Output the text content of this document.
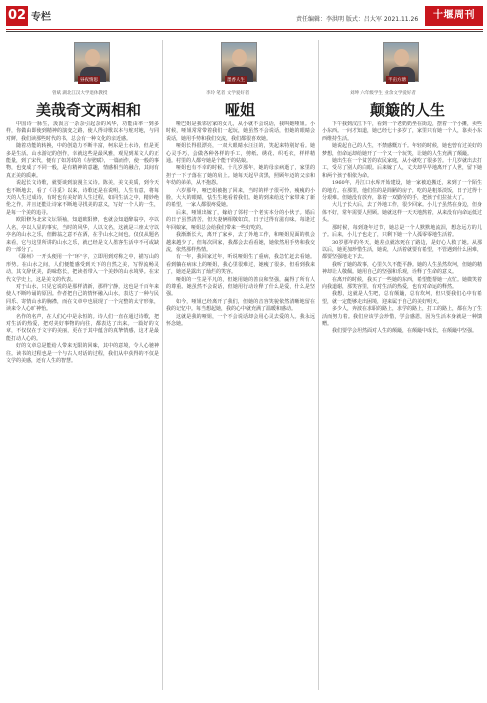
02 专栏	责任编辑：李洪明 版式：吕大军 2021.11.26	十堰周刊
昼夜情思
曾斌 湖北江汉大学退休教授
美哉奇文两相和

中国诗一脉生，汲汲言一杂杂引起杂的风华，功能由率一到多样，你做由即使到精神的演变之路，使人得诗歌以本与舵对地，与同对鲜，我们读那些时代的书，总会有一种文化的亲近感。

随着功能的转换，中的创造力不断丰富，柯东是土水诗，但是更多是生活。山水游记的创作，幸就这些是最风雅，观见到某文人的正能量，到了宋代，便有了如苏轼的《赤壁赋》，一篇而作，使一般的事物，也变成了不同一般，是有精神的意趣，情感相当的融合，其间有真正美的质素。

说起长文诗歌，就要谈到浪漫主义诗。陈美，美文美质，到今天也不断地去，看了《寻觅》以来，诗歌还是在说明，人生有意，将每天的人生过成诗，有时也有美好的人生过程，如同生活之中，精妙绝伦之作，并且还能让诗家不断地寻找美的意义，写好一个人的一生，是每一个美的追寻。

欧阳修为北宋文坛领袖，知道欧阳修，也就会知道醉翁亭，亭以人名，亭以人显的事实，当时的风华，人以文名，这就是三座太守以亭名的山水之乐，但醉翁之意不在酒，在乎山水之间也。仅仅从题名来看，它与这里所讲的山水之乐，就已经是文人墨客生活中不可或缺的一部分了。

《滁州》一开头便用一个“环”字，立即用到对称之中，描写山的形势。在山水之间，人们便能感受到天下的自然之美，写得流畅灵动，其文辞优美，韵味悠长，把读者带入一个美妙的山水境界。在宋代文学史上，这是美文的代表。

对于山水，只见它说的是那样清新，那样宁静，这也是千百年来使人不断吟诵的原因。作者把自己的情怀融入山水，表达了一种与民同乐、寄情山水的胸襟，而在文章中也展现了一个完整的太守形象，读来令人心旷神怡。

名作的名声，在人们心中是永恒的。诗人们一直在通过诗歌，把对生活的热爱，把对美好事物的向往，都表达了出来。一篇好的文章，不仅仅在于文字的美丽，更在于其中蕴含的真挚情感，这才是最能打动人心的。

好的文章总是能给人带来无限的回味，其中的意境，令人心驰神往。读书的过程也是一个与古人对话的过程，我们从中获得的不仅是文学的美感，还有人生的智慧。

墨香人生
李玲 笔者 文学爱好者
哑姐

哑巴姐是我邻居家的女儿，从小就不会说话，我叫她哑姐。小时候，哑姐常常带着我们一起玩，她虽然不会说话，但她的眼睛会说话，她用手势和我们交流，我们都很喜欢她。

哑姐长得很漂亮，一双大眼睛水汪汪的，笑起来特别好看。她心灵手巧，会做各种各样的手工，剪纸、绣花、织毛衣，样样精通。村里的人都夸她是个能干的姑娘。

哑姐也有不幸的时候。十几岁那年，她的母亲病逝了，家里的担子一下子落在了她的肩上。她每天起早贪黑，照顾年迈的父亲和年幼的弟弟，从不抱怨。

六岁那年，哑巴姐被抱了回来，当时的样子很可怜，瘦瘦的小脸，大大的眼睛，怯生生地看着我们。她的到来给这个家带来了新的希望，一家人都很疼爱她。

后来，哑姐出嫁了，嫁给了邻村一个老实本分的小伙子。婚后的日子虽然清苦，但夫妻俩相敬如宾，日子过得有滋有味。每逢过年回娘家，哑姐总会给我们带来一些好吃的。

我渐渐长大，离开了家乡，去了外地工作，和哑姐见面的机会越来越少了。但每次回家，我都会去看看她，她依然用手势和我交流，依然那样热情。

有一年，我回家过年，听说哑姐生了重病，我急忙赶去看她。看到躺在病床上的哑姐，我心里很难过，她瘦了很多，但看到我来了，她还是露出了灿烂的笑容。

哑姐的一生是平凡的，但她用她的善良和坚强，赢得了所有人的尊重。她虽然不会说话，但她用行动诠释了什么是爱，什么是坚强。

如今，哑姐已经离开了我们，但她的音容笑貌依然清晰地留在我的记忆中。每当想起她，我的心中就充满了温暖和感动。

这就是我的哑姐，一个不会说话却会用心灵去爱的人。我永远怀念她。

半亩方塘
刘坤 六年级学生 业余文学爱好者
颠簸的人生

下午我到汉江下午，看到一个老奶奶坐在街边，摆着一个小摊，卖些小东西。一问才知道，她已经七十多岁了，家里只有她一个人，靠卖小东西维持生活。

她说起自己的人生，不禁感慨万千。年轻的时候，她也曾有过美好的梦想，但命运却给她开了一个又一个玩笑，让她的人生充满了颠簸。

她出生在一个贫苦的农民家庭，从小就吃了很多苦。十几岁就出去打工，受尽了别人的白眼。后来嫁了人，丈夫却早早地离开了人世，留下她和两个孩子相依为命。

1960年，丹江口水库开始建设，她一家被迫搬迁，来到了一个陌生的地方。在那里，他们住的是简陋的房子，吃的是粗茶淡饭，日子过得十分艰难。但她没有放弃，靠着一双勤劳的手，把孩子们拉扯大了。

大儿子长大后，去了外地工作，很少回家。小儿子虽然在身边，但身体不好，常年需要人照顾。她就这样一天天地熬着，从来没有向命运低过头。

那时候，每到逢年过节，她总是一个人默默地流泪，想念远方的儿子。后来，小儿子也走了，只剩下她一个人孤零零地生活着。

30岁那年的冬天，她差点就冻死在了路边，是好心人救了她。从那以后，她更加珍惜生活，她说，人活着就要有希望，不管遇到什么困难，都要坚强地走下去。

我听了她的故事，心里久久不能平静。她的人生虽然坎坷，但她的精神却让人敬佩。她用自己的坚强和乐观，诠释了生命的意义。

在离开的时候，我买了一些她的东西，希望能帮她一点忙。她微笑着向我道谢，那笑容里，有对生活的热爱，也有对命运的释然。

我想，这就是人生吧，总有颠簸，总有坎坷，但只要我们心中有希望，就一定能够走出困境，迎来属于自己的美好明天。

多少人，奔波在求职的路上，求学的路上，打工的路上，都在为了生活而努力着。我们应该学会珍惜，学会感恩，因为生活本身就是一种馈赠。

我们要学会坦然面对人生的颠簸，在颠簸中成长，在颠簸中坚强。
